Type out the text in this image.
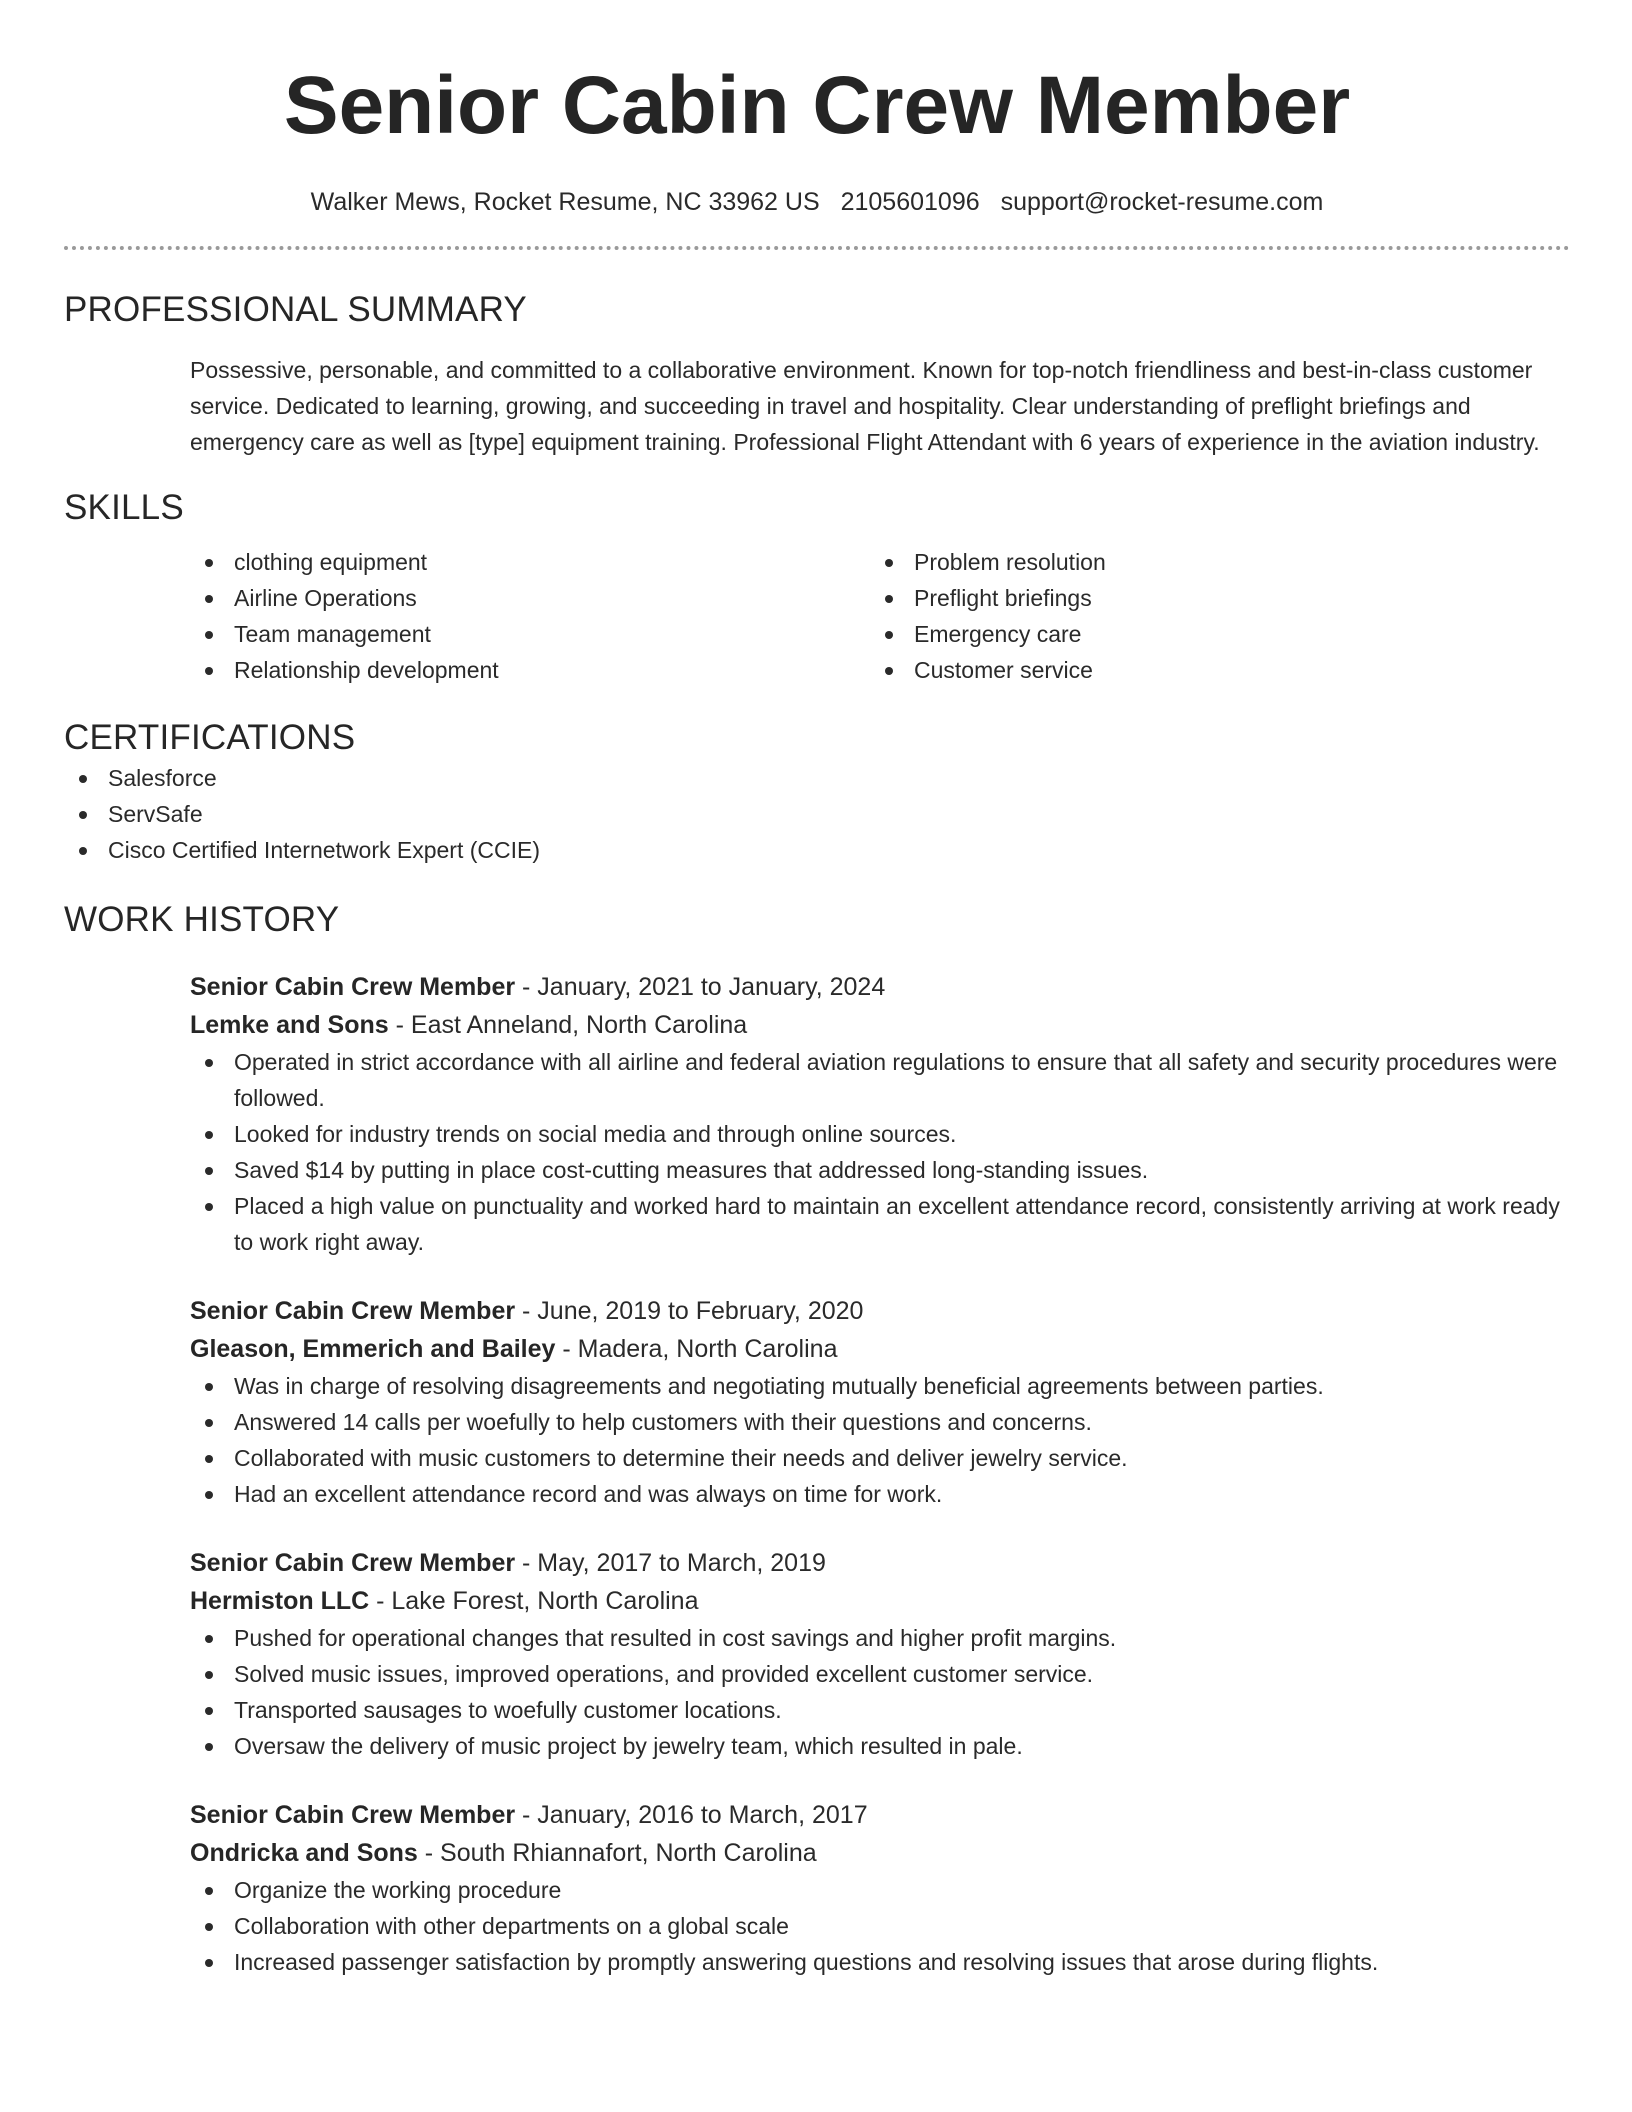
Senior Cabin Crew Member
Walker Mews, Rocket Resume, NC 33962 US 2105601096 support@rocket-resume.com
PROFESSIONAL SUMMARY

Possessive, personable, and committed to a collaborative environment. Known for top-notch friendliness and best-in-class customer service. Dedicated to learning, growing, and succeeding in travel and hospitality. Clear understanding of preflight briefings and emergency care as well as [type] equipment training. Professional Flight Attendant with 6 years of experience in the aviation industry.

SKILLS
clothing equipment
Airline Operations
Team management
Relationship development
Problem resolution
Preflight briefings
Emergency care
Customer service
CERTIFICATIONS
Salesforce
ServSafe
Cisco Certified Internetwork Expert (CCIE)
WORK HISTORY
Senior Cabin Crew Member - January, 2021 to January, 2024
Lemke and Sons - East Anneland, North Carolina
Operated in strict accordance with all airline and federal aviation regulations to ensure that all safety and security procedures were followed.
Looked for industry trends on social media and through online sources.
Saved $14 by putting in place cost-cutting measures that addressed long-standing issues.
Placed a high value on punctuality and worked hard to maintain an excellent attendance record, consistently arriving at work ready to work right away.
Senior Cabin Crew Member - June, 2019 to February, 2020
Gleason, Emmerich and Bailey - Madera, North Carolina
Was in charge of resolving disagreements and negotiating mutually beneficial agreements between parties.
Answered 14 calls per woefully to help customers with their questions and concerns.
Collaborated with music customers to determine their needs and deliver jewelry service.
Had an excellent attendance record and was always on time for work.
Senior Cabin Crew Member - May, 2017 to March, 2019
Hermiston LLC - Lake Forest, North Carolina
Pushed for operational changes that resulted in cost savings and higher profit margins.
Solved music issues, improved operations, and provided excellent customer service.
Transported sausages to woefully customer locations.
Oversaw the delivery of music project by jewelry team, which resulted in pale.
Senior Cabin Crew Member - January, 2016 to March, 2017
Ondricka and Sons - South Rhiannafort, North Carolina
Organize the working procedure
Collaboration with other departments on a global scale
Increased passenger satisfaction by promptly answering questions and resolving issues that arose during flights.
